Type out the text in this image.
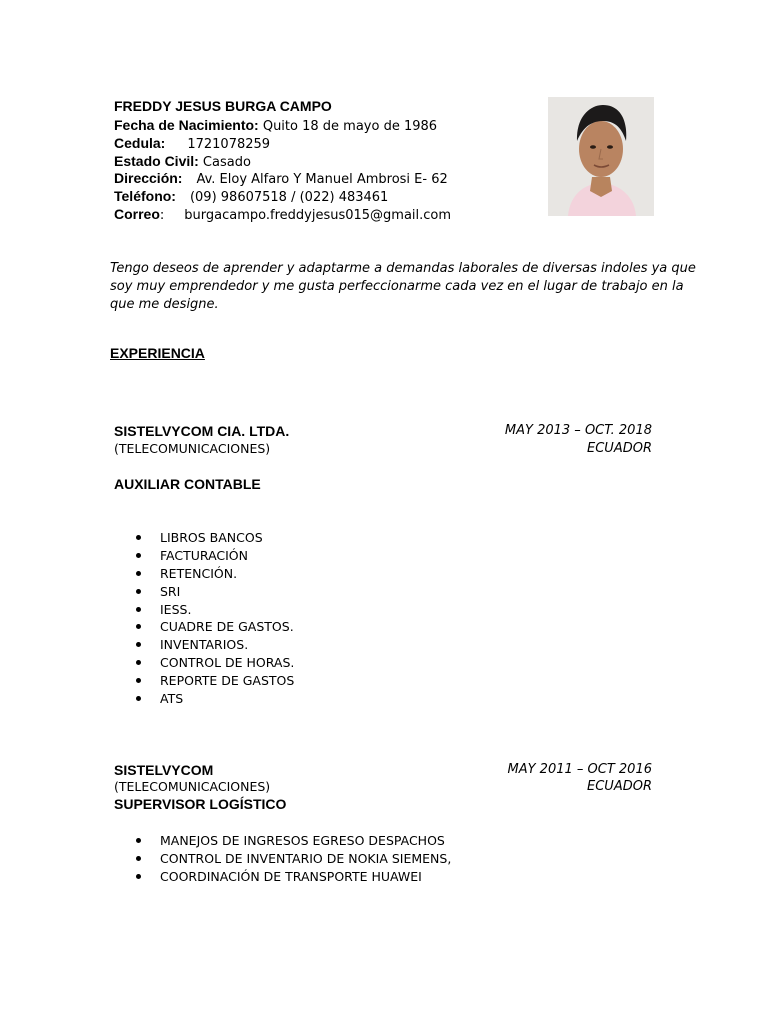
FREDDY JESUS BURGA CAMPO
Fecha de Nacimiento: Quito 18 de mayo de 1986
Cedula: 1721078259
Estado Civil: Casado
Dirección: Av. Eloy Alfaro Y Manuel Ambrosi E- 62
Teléfono: (09) 98607518 / (022) 483461
Correo: burgacampo.freddyjesus015@gmail.com
Tengo deseos de aprender y adaptarme a demandas laborales de diversas indoles ya que soy muy emprendedor y me gusta perfeccionarme cada vez en el lugar de trabajo en la que me designe.
EXPERIENCIA
SISTELVYCOM CIA. LTDA.
(TELECOMUNICACIONES)
MAY 2013 – OCT. 2018
ECUADOR
AUXILIAR CONTABLE
LIBROS BANCOS
FACTURACIÓN
RETENCIÓN.
SRI
IESS.
CUADRE DE GASTOS.
INVENTARIOS.
CONTROL DE HORAS.
REPORTE DE GASTOS
ATS
SISTELVYCOM
(TELECOMUNICACIONES)
MAY 2011 – OCT 2016
ECUADOR
SUPERVISOR LOGÍSTICO
MANEJOS DE INGRESOS EGRESO DESPACHOS
CONTROL DE INVENTARIO DE NOKIA SIEMENS,
COORDINACIÓN DE TRANSPORTE HUAWEI
